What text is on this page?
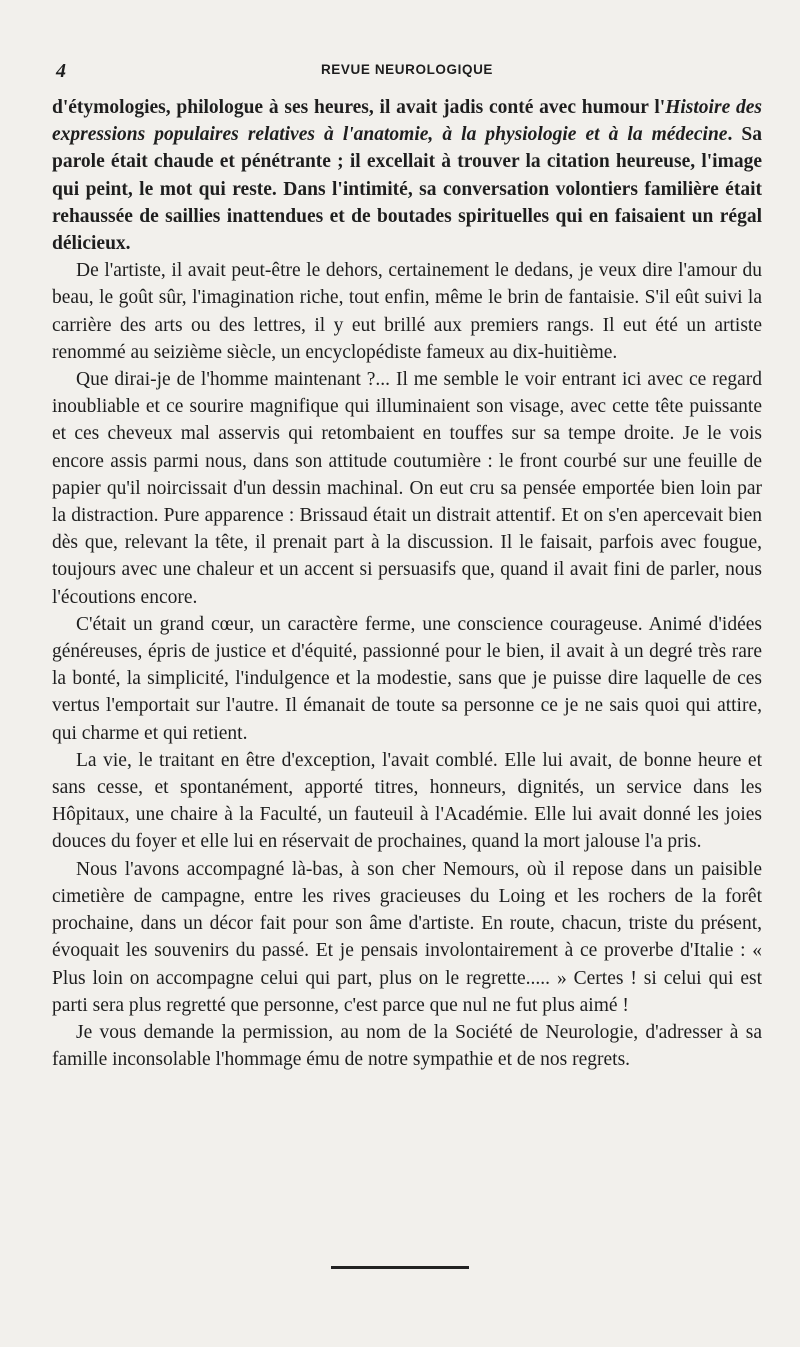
4	REVUE NEUROLOGIQUE

d'étymologies, philologue à ses heures, il avait jadis conté avec humour l'Histoire des expressions populaires relatives à l'anatomie, à la physiologie et à la médecine. Sa parole était chaude et pénétrante ; il excellait à trouver la citation heureuse, l'image qui peint, le mot qui reste. Dans l'intimité, sa conversation volontiers familière était rehaussée de saillies inattendues et de boutades spirituelles qui en faisaient un régal délicieux.

De l'artiste, il avait peut-être le dehors, certainement le dedans, je veux dire l'amour du beau, le goût sûr, l'imagination riche, tout enfin, même le brin de fantaisie. S'il eût suivi la carrière des arts ou des lettres, il y eut brillé aux premiers rangs. Il eut été un artiste renommé au seizième siècle, un encyclopédiste fameux au dix-huitième.

Que dirai-je de l'homme maintenant ?... Il me semble le voir entrant ici avec ce regard inoubliable et ce sourire magnifique qui illuminaient son visage, avec cette tête puissante et ces cheveux mal asservis qui retombaient en touffes sur sa tempe droite. Je le vois encore assis parmi nous, dans son attitude coutumière : le front courbé sur une feuille de papier qu'il noircissait d'un dessin machinal. On eut cru sa pensée emportée bien loin par la distraction. Pure apparence : Brissaud était un distrait attentif. Et on s'en apercevait bien dès que, relevant la tête, il prenait part à la discussion. Il le faisait, parfois avec fougue, toujours avec une chaleur et un accent si persuasifs que, quand il avait fini de parler, nous l'écoutions encore.

C'était un grand cœur, un caractère ferme, une conscience courageuse. Animé d'idées généreuses, épris de justice et d'équité, passionné pour le bien, il avait à un degré très rare la bonté, la simplicité, l'indulgence et la modestie, sans que je puisse dire laquelle de ces vertus l'emportait sur l'autre. Il émanait de toute sa personne ce je ne sais quoi qui attire, qui charme et qui retient.

La vie, le traitant en être d'exception, l'avait comblé. Elle lui avait, de bonne heure et sans cesse, et spontanément, apporté titres, honneurs, dignités, un service dans les Hôpitaux, une chaire à la Faculté, un fauteuil à l'Académie. Elle lui avait donné les joies douces du foyer et elle lui en réservait de prochaines, quand la mort jalouse l'a pris.

Nous l'avons accompagné là-bas, à son cher Nemours, où il repose dans un paisible cimetière de campagne, entre les rives gracieuses du Loing et les rochers de la forêt prochaine, dans un décor fait pour son âme d'artiste. En route, chacun, triste du présent, évoquait les souvenirs du passé. Et je pensais involontairement à ce proverbe d'Italie : « Plus loin on accompagne celui qui part, plus on le regrette..... » Certes ! si celui qui est parti sera plus regretté que personne, c'est parce que nul ne fut plus aimé !

Je vous demande la permission, au nom de la Société de Neurologie, d'adresser à sa famille inconsolable l'hommage ému de notre sympathie et de nos regrets.
